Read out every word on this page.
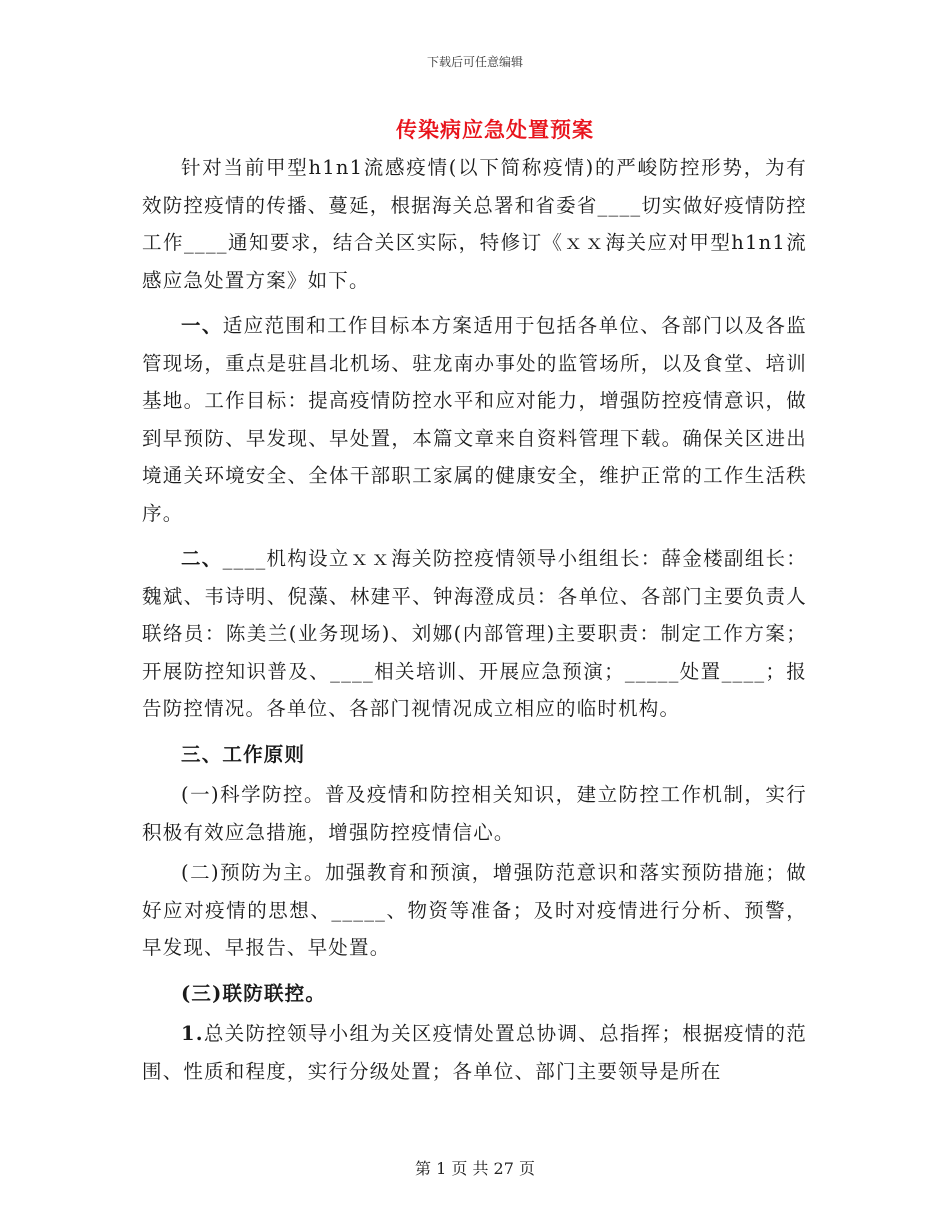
下载后可任意编辑
传染病应急处置预案

针对当前甲型h1n1流感疫情(以下简称疫情)的严峻防控形势，为有效防控疫情的传播、蔓延，根据海关总署和省委省____切实做好疫情防控工作____通知要求，结合关区实际，特修订《ｘｘ海关应对甲型h1n1流感应急处置方案》如下。

一、适应范围和工作目标本方案适用于包括各单位、各部门以及各监管现场，重点是驻昌北机场、驻龙南办事处的监管场所，以及食堂、培训基地。工作目标：提高疫情防控水平和应对能力，增强防控疫情意识，做到早预防、早发现、早处置，本篇文章来自资料管理下载。确保关区进出境通关环境安全、全体干部职工家属的健康安全，维护正常的工作生活秩序。

二、____机构设立ｘｘ海关防控疫情领导小组组长：薛金楼副组长：魏斌、韦诗明、倪藻、林建平、钟海澄成员：各单位、各部门主要负责人联络员：陈美兰(业务现场)、刘娜(内部管理)主要职责：制定工作方案；开展防控知识普及、____相关培训、开展应急预演；_____处置____；报告防控情况。各单位、各部门视情况成立相应的临时机构。

三、工作原则

(一)科学防控。普及疫情和防控相关知识，建立防控工作机制，实行积极有效应急措施，增强防控疫情信心。

(二)预防为主。加强教育和预演，增强防范意识和落实预防措施；做好应对疫情的思想、_____、物资等准备；及时对疫情进行分析、预警，早发现、早报告、早处置。

(三)联防联控。

1.总关防控领导小组为关区疫情处置总协调、总指挥；根据疫情的范围、性质和程度，实行分级处置；各单位、部门主要领导是所在

第 1 页 共 27 页
